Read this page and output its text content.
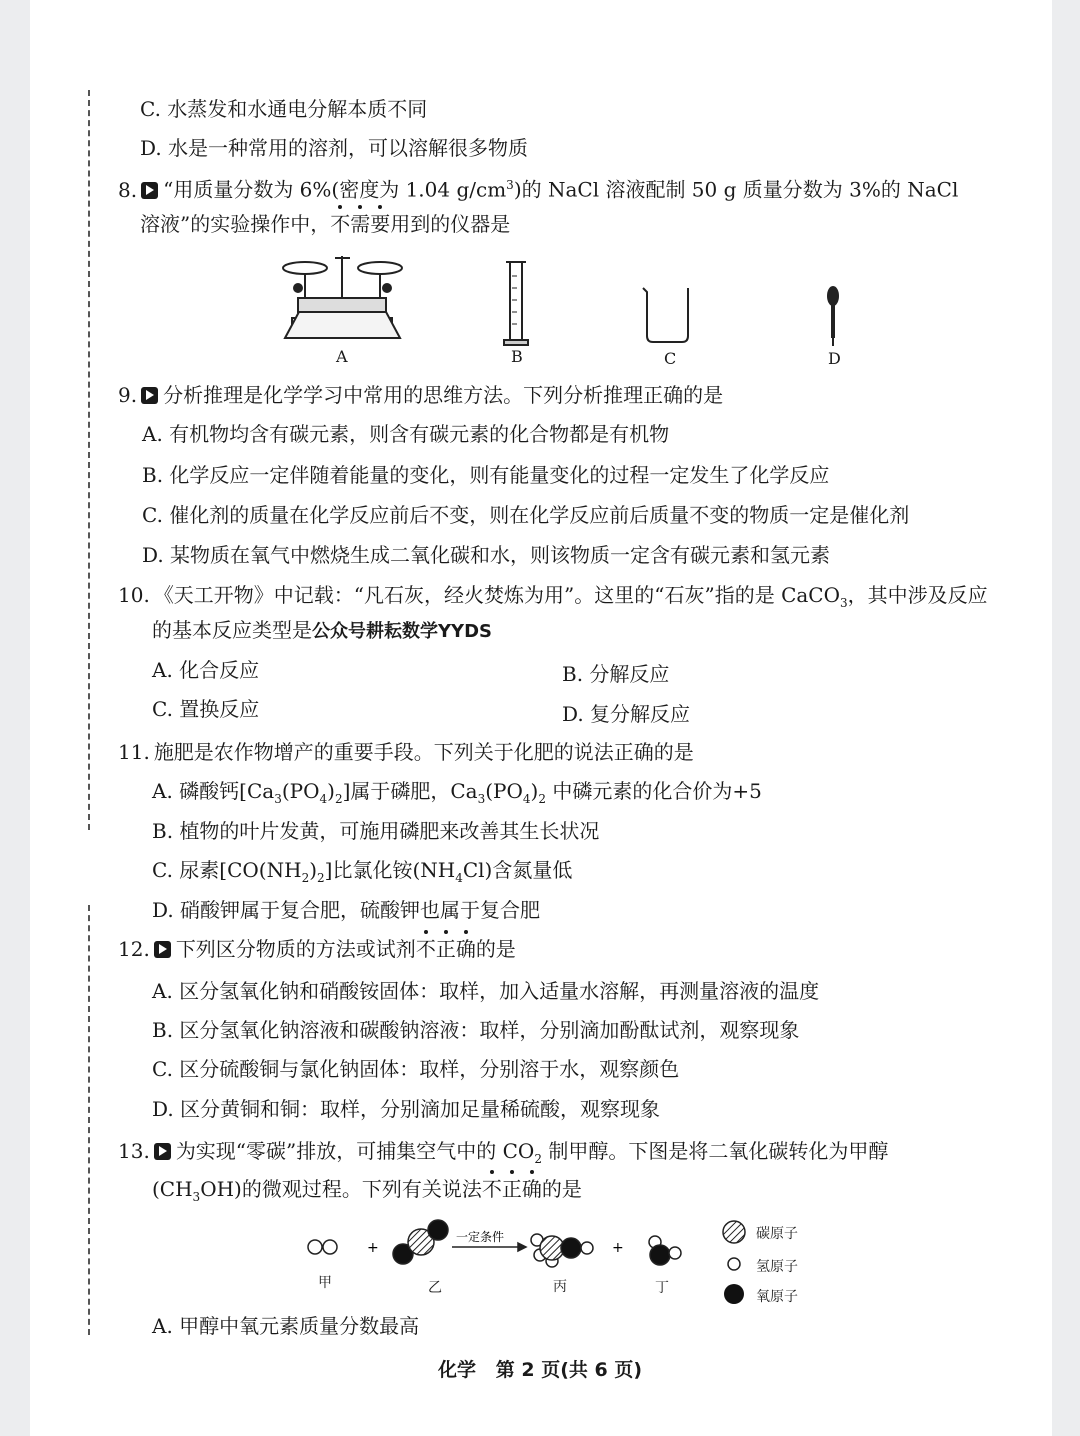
C. 水蒸发和水通电分解本质不同
D. 水是一种常用的溶剂，可以溶解很多物质
8. “用质量分数为 6%(密度为 1.04 $g/cm^3$)的 NaCl 溶液配制 50 g 质量分数为 3%的 NaCl
溶液”的实验操作中，不需要用到的仪器是
A	B	C	D
9. 分析推理是化学学习中常用的思维方法。下列分析推理正确的是
A. 有机物均含有碳元素，则含有碳元素的化合物都是有机物
B. 化学反应一定伴随着能量的变化，则有能量变化的过程一定发生了化学反应
C. 催化剂的质量在化学反应前后不变，则在化学反应前后质量不变的物质一定是催化剂
D. 某物质在氧气中燃烧生成二氧化碳和水，则该物质一定含有碳元素和氢元素
10. 《天工开物》中记载：“凡石灰，经火焚炼为用”。这里的“石灰”指的是 CaCO$_3$，其中涉及反应
的基本反应类型是公众号耕耘数学YYDS
A. 化合反应	B. 分解反应
C. 置换反应	D. 复分解反应
11. 施肥是农作物增产的重要手段。下列关于化肥的说法正确的是
A. 磷酸钙$[Ca_3(PO_4)_2]$属于磷肥，$Ca_3(PO_4)_2$ 中磷元素的化合价为+5
B. 植物的叶片发黄，可施用磷肥来改善其生长状况
C. 尿素$[CO(NH_2)_2]$比氯化铵$(NH_4Cl)$含氮量低
D. 硝酸钾属于复合肥，硫酸钾也属于复合肥
12. 下列区分物质的方法或试剂不正确的是
A. 区分氢氧化钠和硝酸铵固体：取样，加入适量水溶解，再测量溶液的温度
B. 区分氢氧化钠溶液和碳酸钠溶液：取样，分别滴加酚酞试剂，观察现象
C. 区分硫酸铜与氯化钠固体：取样，分别溶于水，观察颜色
D. 区分黄铜和铜：取样，分别滴加足量稀硫酸，观察现象
13. 为实现“零碳”排放，可捕集空气中的 $CO_2$ 制甲醇。下图是将二氧化碳转化为甲醇
$(CH_3OH)$的微观过程。下列有关说法不正确的是
+
一定条件
+
甲	乙	丙	丁
碳原子
氢原子
氧原子
A. 甲醇中氧元素质量分数最高
化学   第 2 页(共 6 页)
